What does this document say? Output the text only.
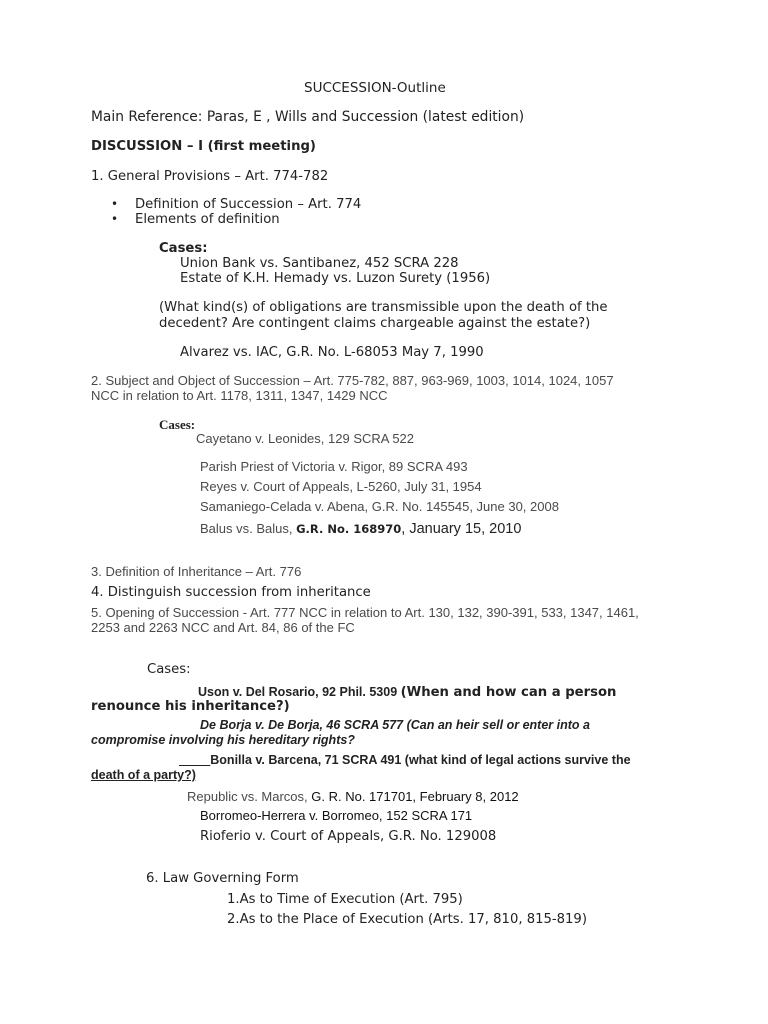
SUCCESSION-Outline
Main Reference: Paras, E , Wills and Succession (latest edition)
DISCUSSION – I (first meeting)
1. General Provisions – Art. 774-782
• Definition of Succession – Art. 774
• Elements of definition
Cases:
Union Bank vs. Santibanez, 452 SCRA 228
Estate of K.H. Hemady vs. Luzon Surety (1956)
(What kind(s) of obligations are transmissible upon the death of the
decedent? Are contingent claims chargeable against the estate?)
Alvarez vs. IAC, G.R. No. L-68053 May 7, 1990
2. Subject and Object of Succession – Art. 775-782, 887, 963-969, 1003, 1014, 1024, 1057
NCC in relation to Art. 1178, 1311, 1347, 1429 NCC
Cases:
Cayetano v. Leonides, 129 SCRA 522
Parish Priest of Victoria v. Rigor, 89 SCRA 493
Reyes v. Court of Appeals, L-5260, July 31, 1954
Samaniego-Celada v. Abena, G.R. No. 145545, June 30, 2008
Balus vs. Balus, G.R. No. 168970, January 15, 2010
3. Definition of Inheritance – Art. 776
4. Distinguish succession from inheritance
5. Opening of Succession - Art. 777 NCC in relation to Art. 130, 132, 390-391, 533, 1347, 1461,
2253 and 2263 NCC and Art. 84, 86 of the FC
Cases:
Uson v. Del Rosario, 92 Phil. 5309 (When and how can a person
renounce his inheritance?)
De Borja v. De Borja, 46 SCRA 577 (Can an heir sell or enter into a
compromise involving his hereditary rights?
Bonilla v. Barcena, 71 SCRA 491 (what kind of legal actions survive the
death of a party?)
Republic vs. Marcos, G. R. No. 171701, February 8, 2012
Borromeo-Herrera v. Borromeo, 152 SCRA 171
Rioferio v. Court of Appeals, G.R. No. 129008
6. Law Governing Form
1.As to Time of Execution (Art. 795)
2.As to the Place of Execution (Arts. 17, 810, 815-819)
